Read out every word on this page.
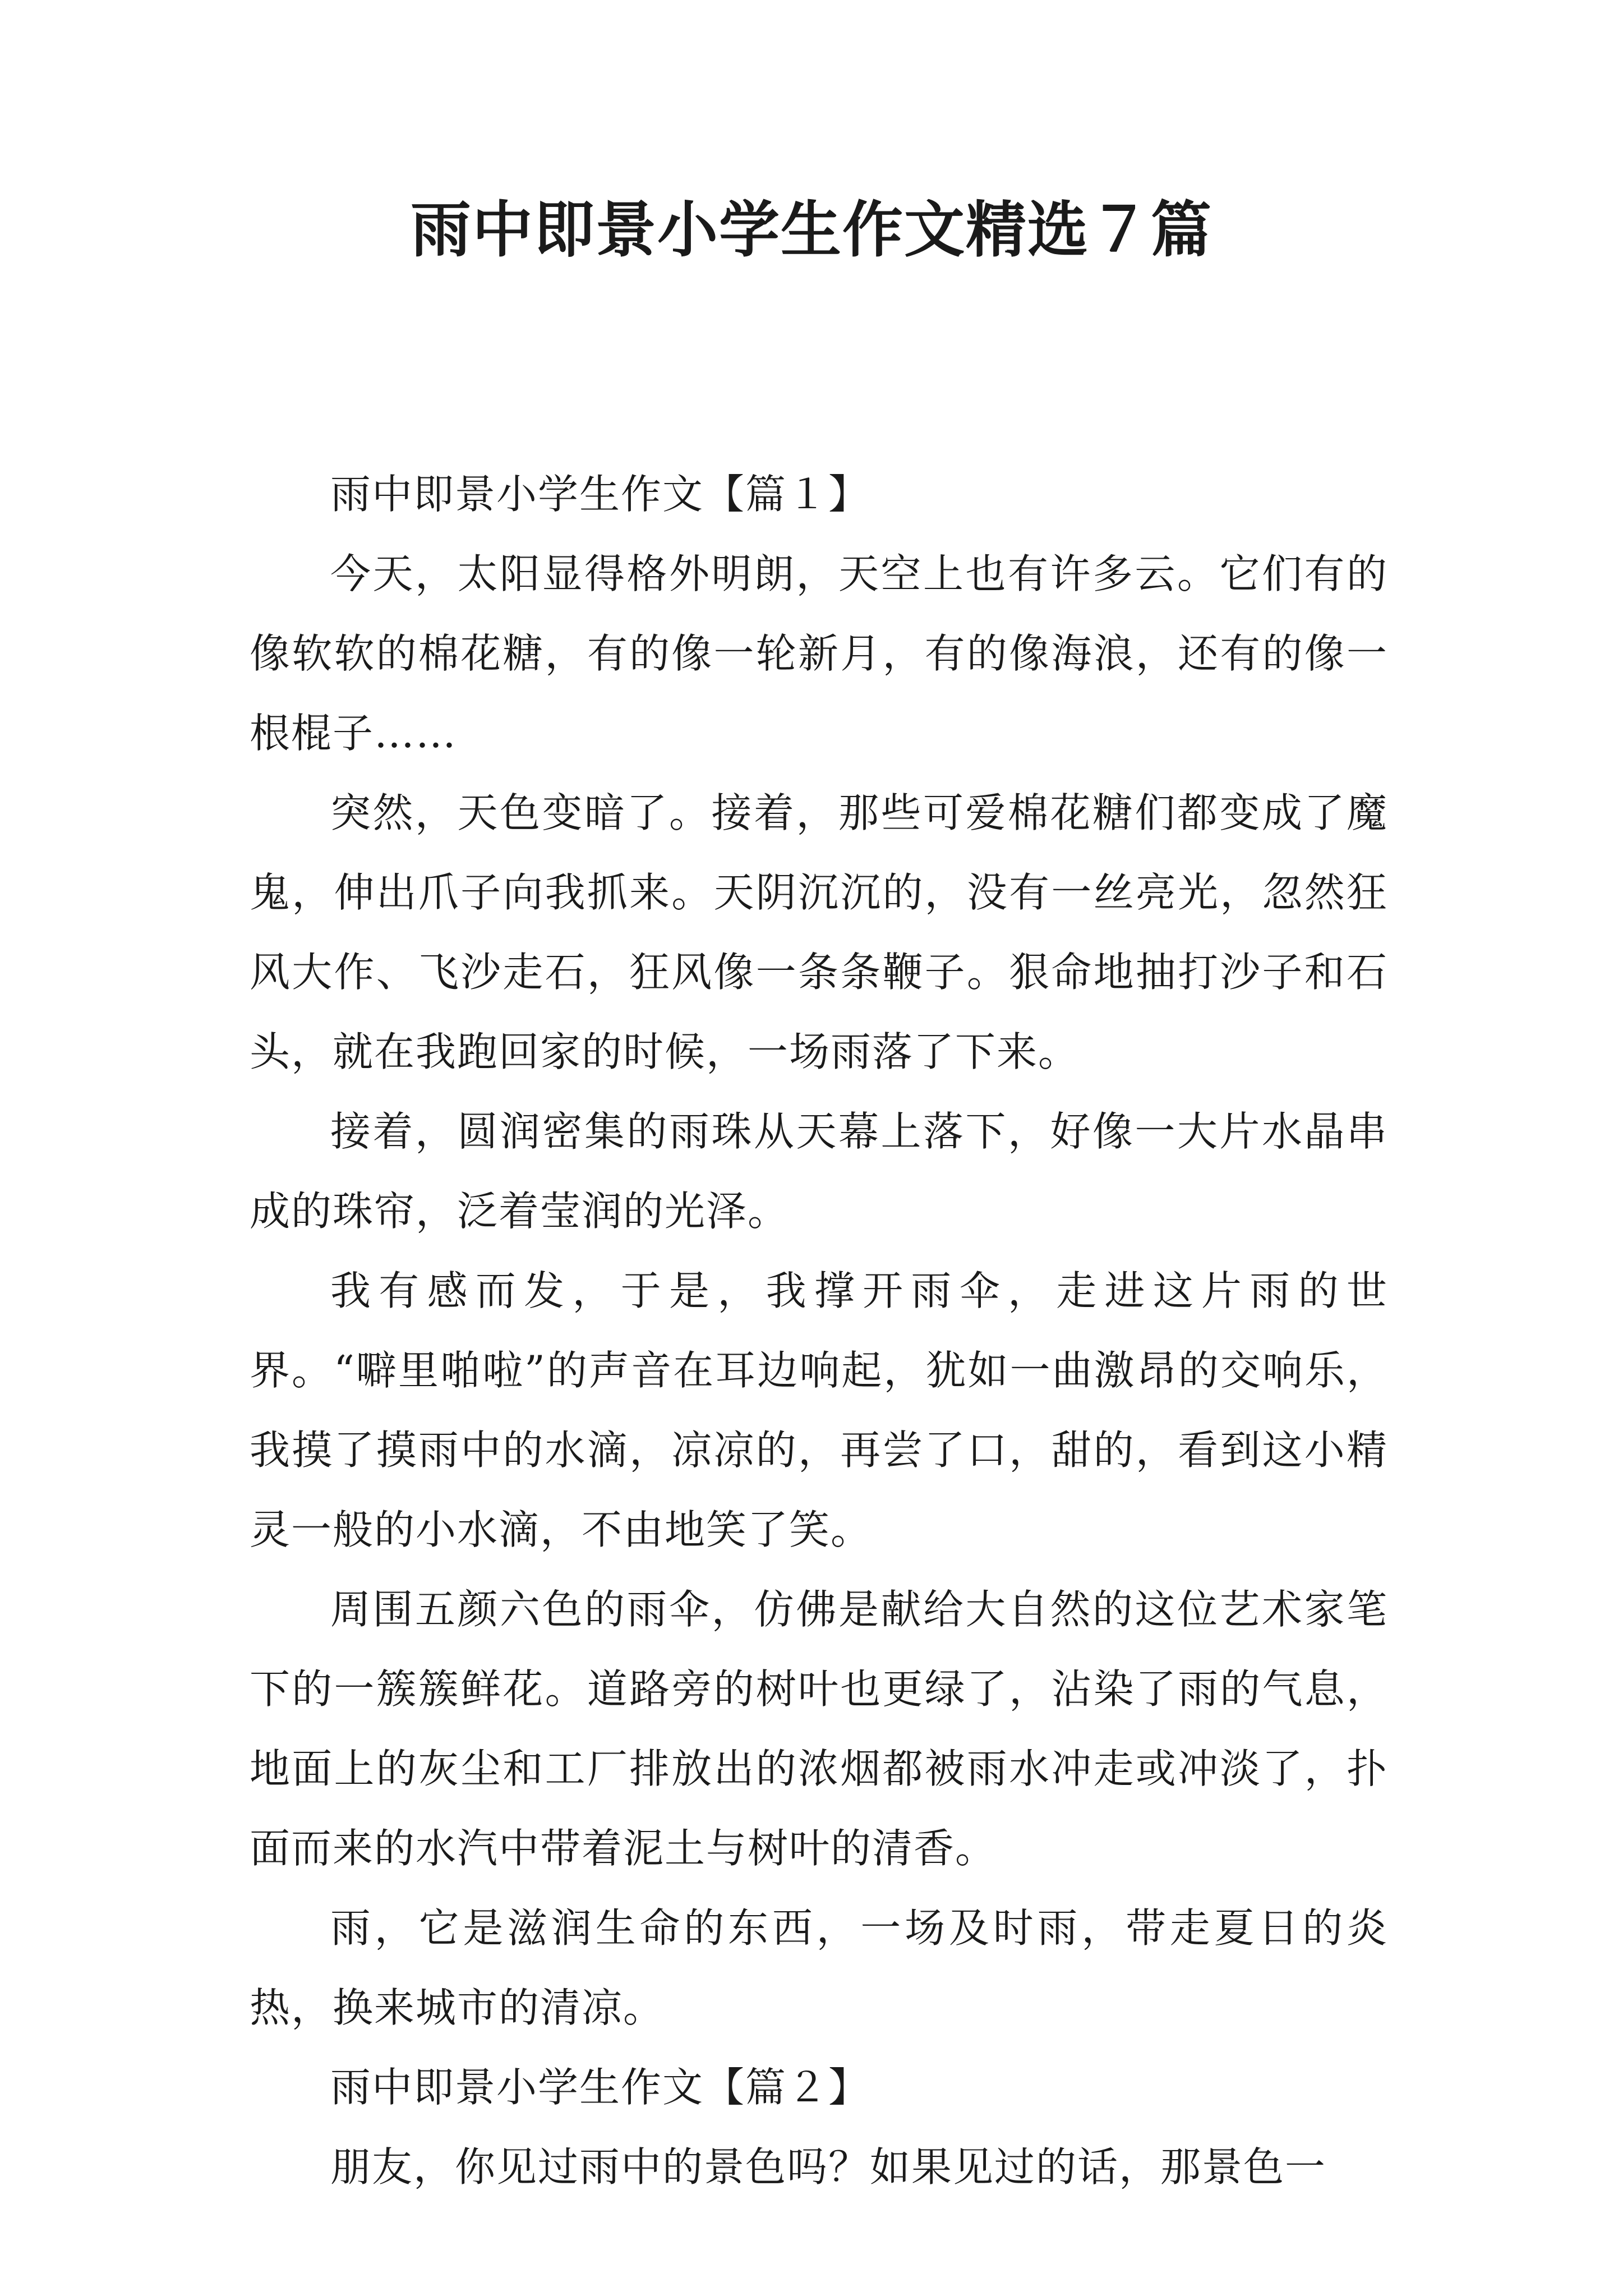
雨中即景小学生作文精选７篇

雨中即景小学生作文【篇１】

今天，太阳显得格外明朗，天空上也有许多云。它们有的像软软的棉花糖，有的像一轮新月，有的像海浪，还有的像一根棍子……

突然，天色变暗了。接着，那些可爱棉花糖们都变成了魔鬼，伸出爪子向我抓来。天阴沉沉的，没有一丝亮光，忽然狂风大作、飞沙走石，狂风像一条条鞭子。狠命地抽打沙子和石头，就在我跑回家的时候，一场雨落了下来。

接着，圆润密集的雨珠从天幕上落下，好像一大片水晶串成的珠帘，泛着莹润的光泽。

我有感而发，于是，我撑开雨伞，走进这片雨的世界。“噼里啪啦”的声音在耳边响起，犹如一曲激昂的交响乐，我摸了摸雨中的水滴，凉凉的，再尝了口，甜的，看到这小精灵一般的小水滴，不由地笑了笑。

周围五颜六色的雨伞，仿佛是献给大自然的这位艺术家笔下的一簇簇鲜花。道路旁的树叶也更绿了，沾染了雨的气息，地面上的灰尘和工厂排放出的浓烟都被雨水冲走或冲淡了，扑面而来的水汽中带着泥土与树叶的清香。

雨，它是滋润生命的东西，一场及时雨，带走夏日的炎热，换来城市的清凉。

雨中即景小学生作文【篇２】

朋友，你见过雨中的景色吗？如果见过的话，那景色一
